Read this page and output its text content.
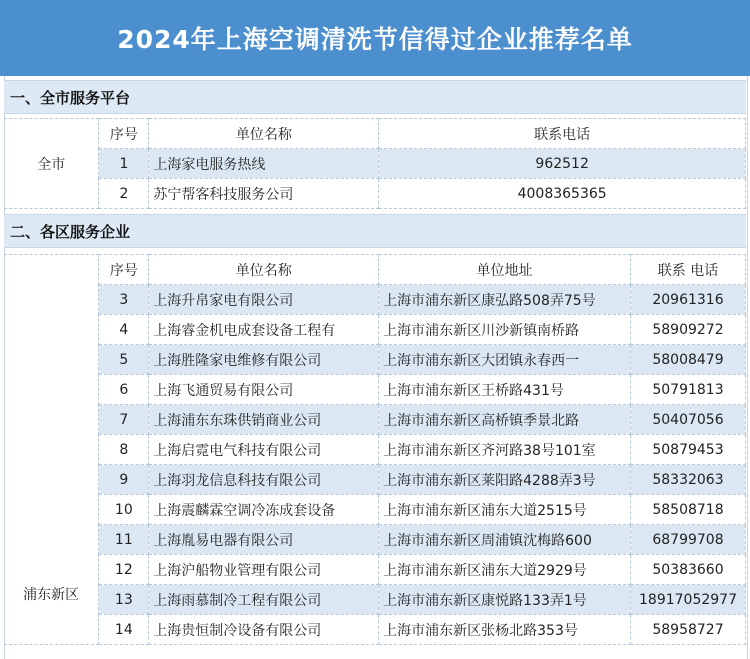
2024年上海空调清洗节信得过企业推荐名单
一、全市服务平台
全市	序号	单位名称	联系电话
	1	上海家电服务热线	962512
	2	苏宁帮客科技服务公司	4008365365
二、各区服务企业
浦东新区	序号	单位名称	单位地址	联系 电话
	3	上海升帛家电有限公司	上海市浦东新区康弘路508弄75号	20961316
	4	上海睿金机电成套设备工程有	上海市浦东新区川沙新镇南桥路	58909272
	5	上海胜隆家电维修有限公司	上海市浦东新区大团镇永春西一	58008479
	6	上海飞通贸易有限公司	上海市浦东新区王桥路431号	50791813
	7	上海浦东东珠供销商业公司	上海市浦东新区高桥镇季景北路	50407056
	8	上海启霓电气科技有限公司	上海市浦东新区齐河路38号101室	50879453
	9	上海羽龙信息科技有限公司	上海市浦东新区莱阳路4288弄3号	58332063
	10	上海震麟霖空调冷冻成套设备	上海市浦东新区浦东大道2515号	58508718
	11	上海胤易电器有限公司	上海市浦东新区周浦镇沈梅路600	68799708
	12	上海沪船物业管理有限公司	上海市浦东新区浦东大道2929号	50383660
	13	上海雨慕制冷工程有限公司	上海市浦东新区康悦路133弄1号	18917052977
	14	上海贵恒制冷设备有限公司	上海市浦东新区张杨北路353号	58958727
